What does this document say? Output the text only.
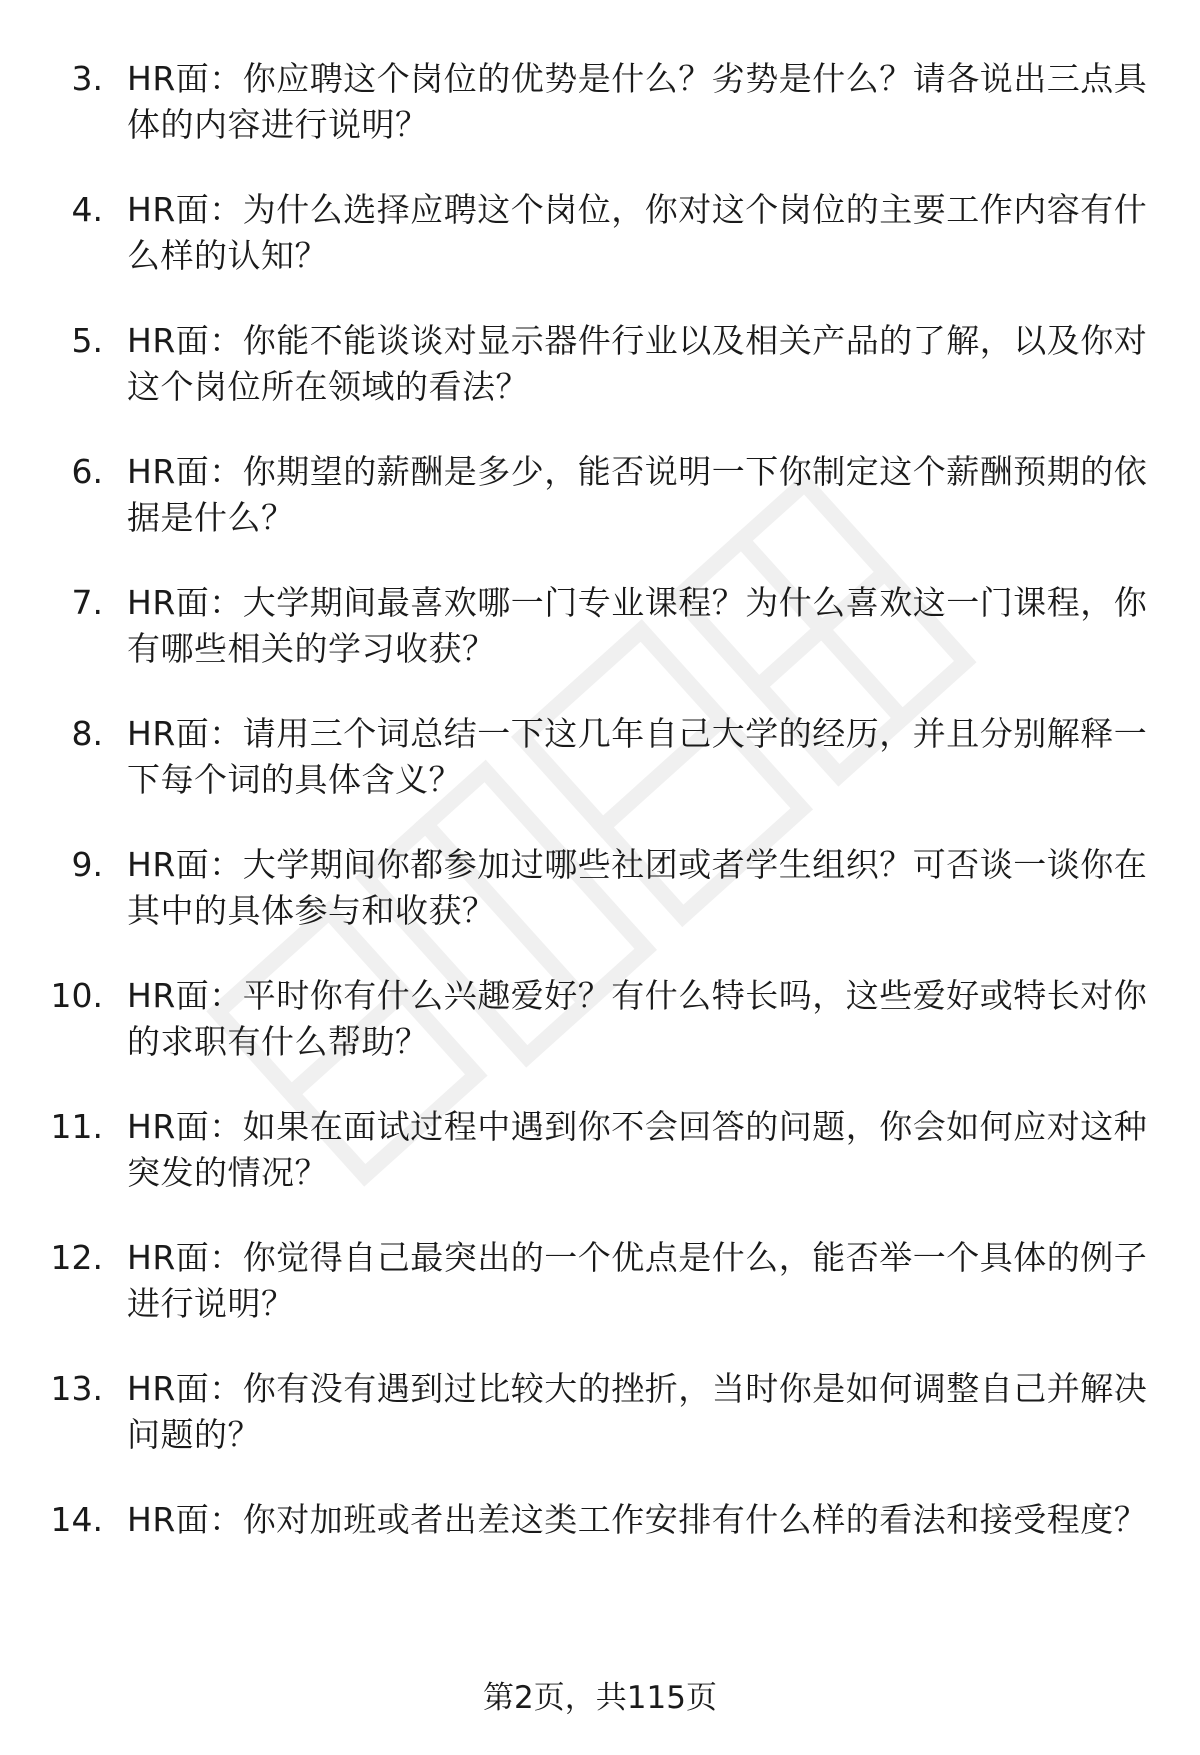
3. HR面：你应聘这个岗位的优势是什么？劣势是什么？请各说出三点具体的内容进行说明？
4. HR面：为什么选择应聘这个岗位，你对这个岗位的主要工作内容有什么样的认知？
5. HR面：你能不能谈谈对显示器件行业以及相关产品的了解，以及你对这个岗位所在领域的看法？
6. HR面：你期望的薪酬是多少，能否说明一下你制定这个薪酬预期的依据是什么？
7. HR面：大学期间最喜欢哪一门专业课程？为什么喜欢这一门课程，你有哪些相关的学习收获？
8. HR面：请用三个词总结一下这几年自己大学的经历，并且分别解释一下每个词的具体含义？
9. HR面：大学期间你都参加过哪些社团或者学生组织？可否谈一谈你在其中的具体参与和收获？
10. HR面：平时你有什么兴趣爱好？有什么特长吗，这些爱好或特长对你的求职有什么帮助？
11. HR面：如果在面试过程中遇到你不会回答的问题，你会如何应对这种突发的情况？
12. HR面：你觉得自己最突出的一个优点是什么，能否举一个具体的例子进行说明？
13. HR面：你有没有遇到过比较大的挫折，当时你是如何调整自己并解决问题的？
14. HR面：你对加班或者出差这类工作安排有什么样的看法和接受程度？
第2页，共115页
